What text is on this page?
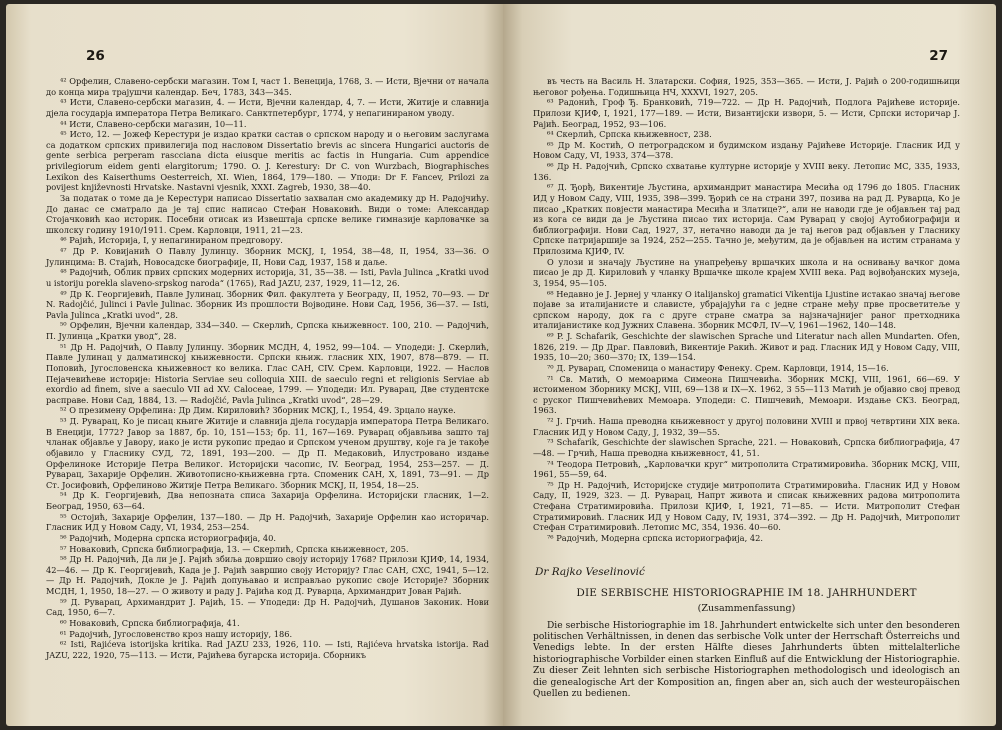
26

⁴² Орфелин, Славено-сербски магазин. Том I, част 1. Венеција, 1768, 3. — Исти, Вјечни от начала до конца мира трајушчи календар. Беч, 1783, 343—345.

⁴³ Исти, Славено-сербски магазин, 4. — Исти, Вјечни календар, 4, 7. — Исти, Житије и славнија дјела государја императора Петра Великаго. Санктпетербург, 1774, у непагинираном уводу.

⁴⁴ Исти, Славено-сербски магазин, 10—11.

⁴⁵ Исто, 12. — Јожеф Керестури је издао кратки састав о српском народу и о његовим заслугама са додатком српских привилегија под насловом Dissertatio brevis ac sincera Hungarici auctoris de gente serbica perperam rascciana dicta eiusque meritis ac factis in Hungaria. Cum appendice privilegiorum eidem genti elargitorum; 1790. O. J. Kerestury: Dr C. von Wurzbach, Biographisches Lexikon des Kaiserthums Oesterreich, XI. Wien, 1864, 179—180. — Уподи: Dr F. Fancev, Prilozi za povijest književnosti Hrvatske. Nastavni vjesnik, XXXI. Zagreb, 1930, 38—40.

За податак о томе да је Керестури написао Dissertatio захвалан смо академику др Н. Радојчићу. До данас се сматрало да је тај спис написао Стефан Новаковић. Види о томе: Александар Стојачковић као историк. Посебни отисак из Извештаја српске велике гимназије карловачке за школску годину 1910/1911. Срем. Карловци, 1911, 21—23.

⁴⁶ Рајић, Историја, I, у непагинираном предговору.

⁴⁷ Др Р. Ковијанић О Павлу Јулинцу. Зборник МСКЈ, I, 1954, 38—48, II, 1954, 33—36. О Јулинцима: В. Стајић, Новосадске биографије, II, Нови Сад, 1937, 158 и даље.

⁴⁸ Радојчић, Облик првих српских модерних историја, 31, 35—38. — Isti, Pavla Julinca „Kratki uvod u istoriju porekla slaveno-srpskog naroda“ (1765), Rad JAZU, 237, 1929, 11—12, 26.

⁴⁹ Др К. Георгијевић, Павле Јулинац. Зборник Фил. факултета у Београду, II, 1952, 70—93. — Dr N. Radojčić, Julinci i Pavle Julinac. Зборник Из прошлости Војводине. Нови Сад, 1956, 36—37. — Isti, Pavla Julinca „Kratki uvod“, 28.

⁵⁰ Орфелин, Вјечни календар, 334—340. — Скерлић, Српска књижевност. 100, 210. — Радојчић, П. Јулинца „Кратки увод“, 28.

⁵¹ Др Н. Радојчић, О Павлу Јулинцу. Зборник МСДН, 4, 1952, 99—104. — Уподеди: Ј. Скерлић, Павле Јулинац у далматинској књижевности. Српски књиж. гласник XIX, 1907, 878—879. — П. Поповић, Југословенска књижевност ко велика. Глас САН, CIV. Срем. Карловци, 1922. — Наслов Пејачевићеве историје: Historia Serviae seu colloquia XIII. de saeculo regni et religionis Serviae ab exordio ad finem, sive a saeculo VII ad XV. Caloceae, 1799. — Уподеди: Ил. Руварац, Две студентске расправе. Нови Сад, 1884, 13. — Radojčić, Pavla Julinca „Kratki uvod“, 28—29.

⁵² О презимену Орфелина: Др Дим. Кириловић? Зборник МСКЈ, I., 1954, 49. Зрцало науке.

⁵³ Д. Руварац, Ко је писац књиге Житије и славнија дјела государја императора Петра Великаго. В Енецији, 1772? Јавор за 1887, бр. 10, 151—153; бр. 11, 167—169. Руварац објављива зашто тај чланак објавље у Јавору, иако је исти рукопис предао и Српском ученом друштву, које га је такође објавило у Гласнику СУД, 72, 1891, 193—200. — Др П. Медаковић, Илустровано издање Орфелиноке Историје Петра Великог. Историјски часопис, IV. Београд, 1954, 253—257. — Д. Руварац, Захарије Орфелин. Животописно-књижевна грта. Споменик САН, X, 1891, 73—91. — Др Ст. Јосифовић, Орфелиново Житије Петра Великаго. Зборник МСКЈ, II, 1954, 18—25.

⁵⁴ Др К. Георгијевић, Два непознатa списа Захарија Орфелина. Историјски гласник, 1—2. Београд, 1950, 63—64.

⁵⁵ Остојић, Захарије Орфелин, 137—180. — Др Н. Радојчић, Захарије Орфелин као историчар. Гласник ИД у Новом Саду, VI, 1934, 253—254.

⁵⁶ Радојчић, Модерна српска историографија, 40.

⁵⁷ Новаковић, Српска библиографија, 13. — Скерлић, Српска књижевност, 205.

⁵⁸ Др Н. Радојчић, Да ли је Ј. Рајић збиља довршио своју историју 1768? Прилози КЈИФ, 14, 1934, 42—46. — Др К. Георгијевић, Када је Ј. Рајић завршио своју Историју? Глас САН, CXC, 1941, 5—12. — Др Н. Радојчић, Докле је Ј. Рајић допуњавао и исправљао рукопис своје Историје? Зборник МСДН, 1, 1950, 18—27. — О животу и раду Ј. Рајића код Д. Руварца, Архимандрит Јован Рајић.

⁵⁹ Д. Руварац, Архимандрит Ј. Рајић, 15. — Уподеди: Др Н. Радојчић, Душанов Законик. Нови Сад, 1950, 6—7.

⁶⁰ Новаковић, Српска библиографија, 41.

⁶¹ Радојчић, Југословенство кроз нашу историју, 186.

⁶² Isti, Rajićeva istorijska kritika. Rad JAZU 233, 1926, 110. — Isti, Rajićeva hrvatska istorija. Rad JAZU, 222, 1920, 75—113. — Исти, Рајићева бугарска историја. Сборникъ

27

въ честь на Василь Н. Златарски. София, 1925, 353—365. — Исти, Ј. Рајић о 200-годишњици његовог рођења. Годишњица НЧ, XXXVI, 1927, 205.

⁶³ Радонић, Гроф Ђ. Бранковић, 719—722. — Др Н. Радојчић, Подлога Рајићеве историје. Прилози КЈИФ, I, 1921, 177—189. — Исти, Византијски извори, 5. — Исти, Српски историчар Ј. Рајић. Београд, 1952, 93—106.

⁶⁴ Скерлић, Српска књижевност, 238.

⁶⁵ Др М. Костић, О петроградском и будимском издању Рајићеве Историје. Гласник ИД у Новом Саду, VI, 1933, 374—378.

⁶⁶ Др Н. Радојчић, Српско схватање културне историје у XVIII веку. Летопис МС, 335, 1933, 136.

⁶⁷ Д. Ђорђ, Викентије Љустина, архимандрит манастира Месића од 1796 до 1805. Гласник ИД у Новом Саду, VIII, 1935, 398—399. Ђорић се на страни 397, позива на рад Д. Руварца, Ко је писао „Кратких повјести манастира Месића и Златице?“, али не наводи где је објављен тај рад из кога се види да је Љустина писао тих историја. Сам Руварац у својој Аутобиографији и библиографији. Нови Сад, 1927, 37, нетачно наводи да је тај његов рад објављен у Гласнику Српске патријаршије за 1924, 252—255. Тачно је, међутим, да је објављен на истим странама у Прилозима КЈИФ, IV.

О улози и значају Љустине на унапређењу вршачких школа и на оснивању вачког дома писао је др Д. Кириловић у чланку Вршачке школе крајем XVIII века. Рад војвођанских музеја, 3, 1954, 95—105.

⁶⁸ Недавно је Ј. Јернеј у чланку O italijanskoj gramatici Vikentija Ljustine истакао значај његове појаве за италијанисте и славистe, убрајајући га с једне стране међу прве просветитеље у српском народу, док га с друге стране сматра за најзначајнијег раног претходника италијанистике код Јужних Славена. Зборник МСФЛ, IV—V, 1961—1962, 140—148.

⁶⁹ P. J. Schafarik, Geschichte der slawischen Sprache und Literatur nach allen Mundarten. Ofen, 1826, 219. — Др Драг. Павловић, Викентије Ракић. Живот и рад. Гласник ИД у Новом Саду, VIII, 1935, 10—20; 360—370; IX, 139—154.

⁷⁰ Д. Руварац, Споменица о манастиру Фенеку. Срем. Карловци, 1914, 15—16.

⁷¹ Св. Матић, О мемоарима Симеона Пишчевића. Зборник МСКЈ, VIII, 1961, 66—69. У истоименом Зборнику МСКЈ, VIII, 69—138 и IX—X. 1962, 3 55—113 Матић је објавио свој превод с руског Пишчевићевих Мемоара. Уподеди: С. Пишчевић, Мемоари. Издање СКЗ. Београд, 1963.

⁷² Ј. Грчић. Наша преводна књижевност у другој половини XVIII и првој четвртини XIX века. Гласник ИД у Новом Саду, Ј, 1932, 39—55.

⁷³ Schafarik, Geschichte der slawischen Sprache, 221. — Новаковић, Српска библиографија, 47—48. — Грчић, Наша преводна књижевност, 41, 51.

⁷⁴ Теодора Петровић, „Карловачки круг“ митрополита Стратимировића. Зборник МСКЈ, VIII, 1961, 55—59, 64.

⁷⁵ Др Н. Радојчић, Историјске студије митрополита Стратимировића. Гласник ИД у Новом Саду, II, 1929, 323. — Д. Руварац, Напрт живота и списак књижевних радова митрополита Стефана Стратимировића. Прилози КЈИФ, I, 1921, 71—85. — Исти. Митрополит Стефан Стратимировић. Гласник ИД у Новом Саду, IV, 1931, 374—392. — Др Н. Радојчић, Митрополит Стефан Стратимировић. Летопис МС, 354, 1936. 40—60.

⁷⁶ Радојчић, Модерна српска историографија, 42.

Dr Rajko Veselinović
DIE SERBISCHE HISTORIOGRAPHIE IM 18. JAHRHUNDERT
(Zusammenfassung)

Die serbische Historiographie im 18. Jahrhundert entwickelte sich unter den besonderen politischen Verhältnissen, in denen das serbische Volk unter der Herrschaft Österreichs und Venedigs lebte. In der ersten Hälfte dieses Jahrhunderts übten mittelalterliche historiographische Vorbilder einen starken Einfluß auf die Entwicklung der Historiographie. Zu dieser Zeit lehnten sich serbische Historiographen methodologisch und ideologisch an die genealogische Art der Komposition an, fingen aber an, sich auch der westeuropäischen Quellen zu bedienen.
